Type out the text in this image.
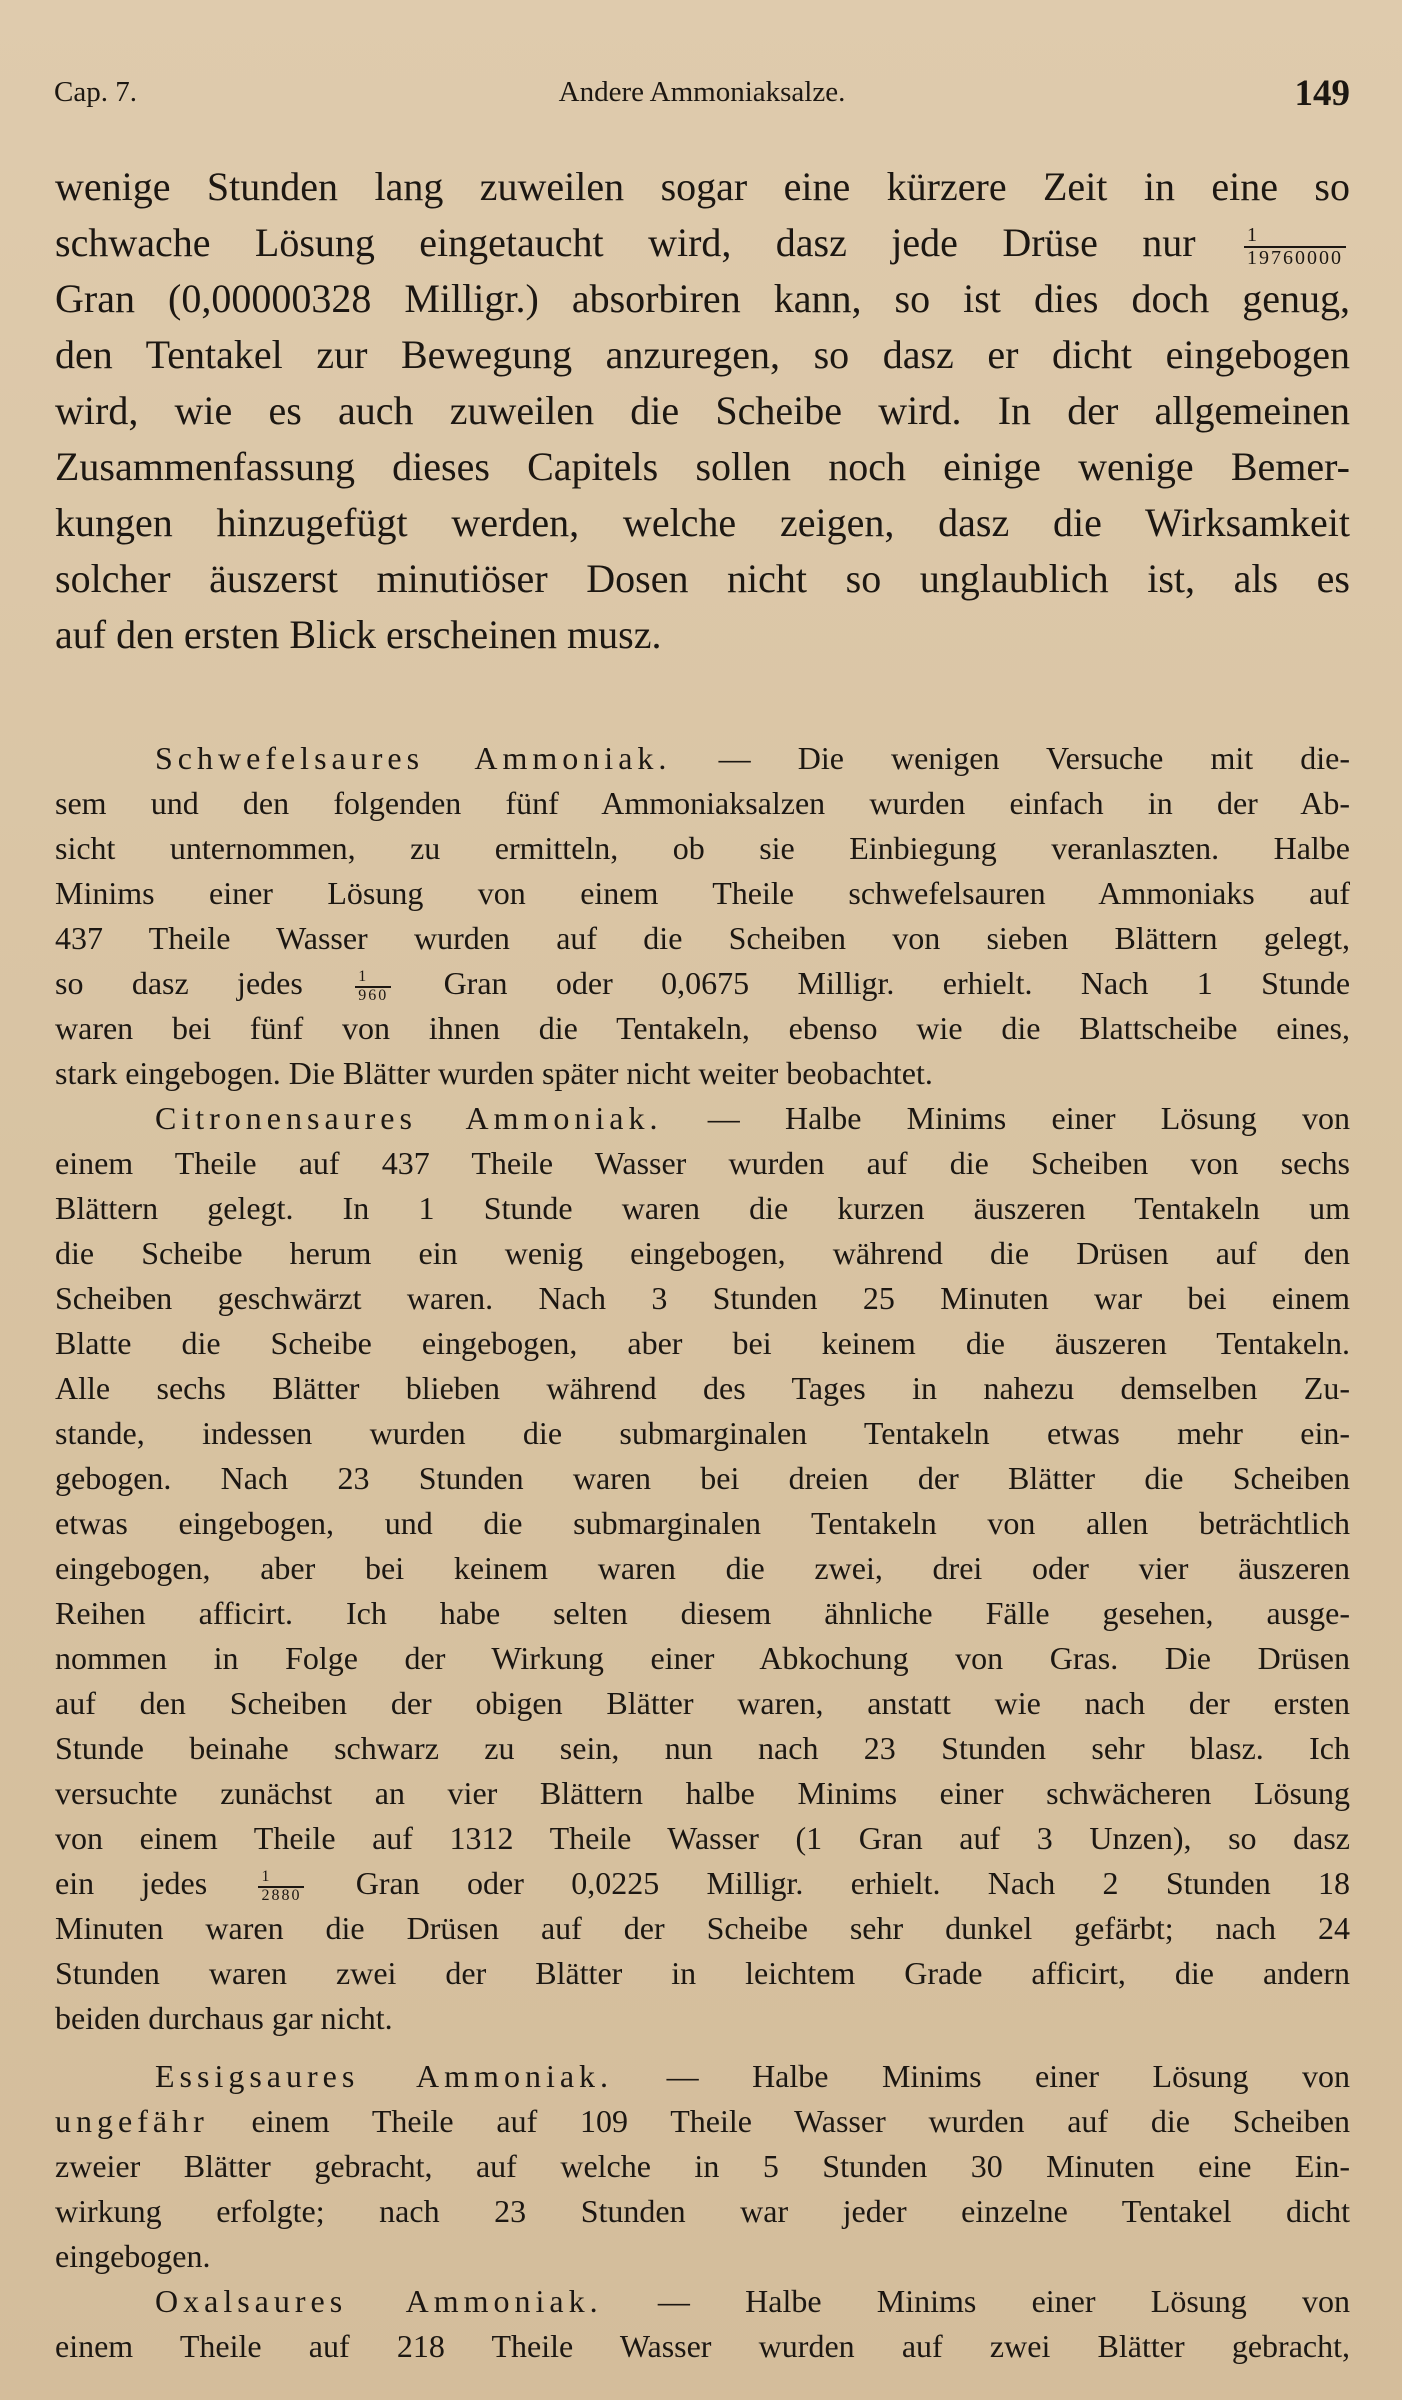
Cap. 7.	Andere Ammoniaksalze.	149
wenige Stunden lang zuweilen sogar eine kürzere Zeit in eine so
schwache Lösung eingetaucht wird, dasz jede Drüse nur $\frac{1}{19760000}$
Gran (0,00000328 Milligr.) absorbiren kann, so ist dies doch genug,
den Tentakel zur Bewegung anzuregen, so dasz er dicht eingebogen
wird, wie es auch zuweilen die Scheibe wird. In der allgemeinen
Zusammenfassung dieses Capitels sollen noch einige wenige Bemer-
kungen hinzugefügt werden, welche zeigen, dasz die Wirksamkeit
solcher äuszerst minutiöser Dosen nicht so unglaublich ist, als es
auf den ersten Blick erscheinen musz.
Schwefelsaures Ammoniak. — Die wenigen Versuche mit die-
sem und den folgenden fünf Ammoniaksalzen wurden einfach in der Ab-
sicht unternommen, zu ermitteln, ob sie Einbiegung veranlaszten. Halbe
Minims einer Lösung von einem Theile schwefelsauren Ammoniaks auf
437 Theile Wasser wurden auf die Scheiben von sieben Blättern gelegt,
so dasz jedes	$\frac{1}{960}$ Gran oder 0,0675 Milligr. erhielt. Nach 1 Stunde
waren bei fünf von ihnen die Tentakeln, ebenso wie die Blattscheibe eines,
stark eingebogen. Die Blätter wurden später nicht weiter beobachtet.
Citronensaures Ammoniak. — Halbe Minims einer Lösung von
einem Theile auf 437 Theile Wasser wurden auf die Scheiben von sechs
Blättern gelegt. In 1 Stunde waren die kurzen äuszeren Tentakeln um
die Scheibe herum ein wenig eingebogen, während die Drüsen auf den
Scheiben geschwärzt waren. Nach 3 Stunden 25 Minuten war bei einem
Blatte die Scheibe eingebogen, aber bei keinem die äuszeren Tentakeln.
Alle sechs Blätter blieben während des Tages in nahezu demselben Zu-
stande, indessen wurden die submarginalen Tentakeln etwas mehr ein-
gebogen. Nach 23 Stunden waren bei dreien der Blätter die Scheiben
etwas eingebogen, und die submarginalen Tentakeln von allen beträchtlich
eingebogen, aber bei keinem waren die zwei, drei oder vier äuszeren
Reihen afficirt. Ich habe selten diesem ähnliche Fälle gesehen, ausge-
nommen in Folge der Wirkung einer Abkochung von Gras. Die Drüsen
auf den Scheiben der obigen Blätter waren, anstatt wie nach der ersten
Stunde beinahe schwarz zu sein, nun nach 23 Stunden sehr blasz. Ich
versuchte zunächst an vier Blättern halbe Minims einer schwächeren Lösung
von einem Theile auf 1312 Theile Wasser (1 Gran auf 3 Unzen), so dasz
ein jedes	$\frac{1}{2880}$ Gran oder 0,0225 Milligr. erhielt. Nach 2 Stunden 18
Minuten waren die Drüsen auf der Scheibe sehr dunkel gefärbt; nach 24
Stunden waren zwei der Blätter in leichtem Grade afficirt, die andern
beiden durchaus gar nicht.
Essigsaures Ammoniak. — Halbe Minims einer Lösung von
ungefähr einem Theile auf 109 Theile Wasser wurden auf die Scheiben
zweier Blätter gebracht, auf welche in 5 Stunden 30 Minuten eine Ein-
wirkung erfolgte; nach 23 Stunden war jeder einzelne Tentakel dicht
eingebogen.
Oxalsaures Ammoniak. — Halbe Minims einer Lösung von
einem Theile auf 218 Theile Wasser wurden auf zwei Blätter gebracht,
